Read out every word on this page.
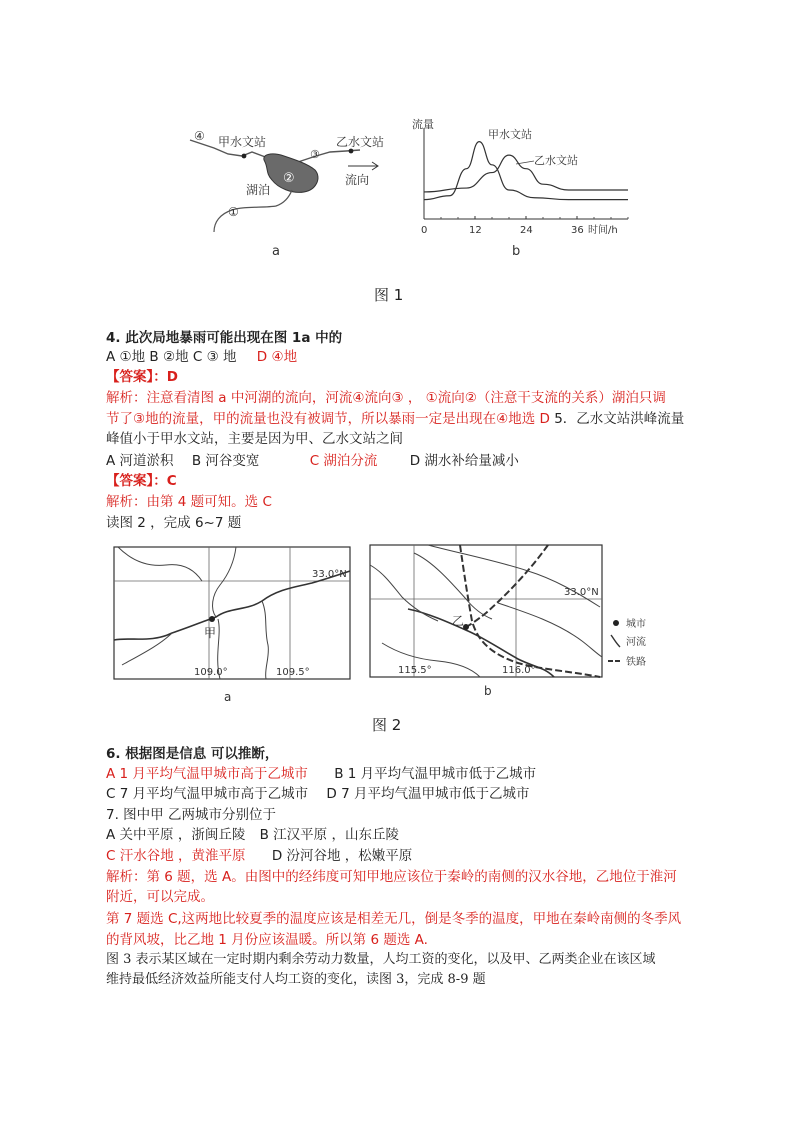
④ 甲水文站
③
乙水文站
②
湖泊
流向
①
a
流量
时间/h
甲水文站
乙水文站
0	12	24	36
b
图 1
4. 此次局地暴雨可能出现在图 1a 中的
A ①地 B ②地 C ③ 地 D ④地
【答案】：D
解析：注意看清图 a 中河湖的流向，河流④流向③ ， ①流向②（注意干支流的关系）湖泊只调
节了③地的流量，甲的流量也没有被调节，所以暴雨一定是出现在④地选 D 5．乙水文站洪峰流量
峰值小于甲水文站，主要是因为甲、乙水文站之间
A 河道淤积 B 河谷变宽	C 湖泊分流 D 湖水补给量减小
【答案】：C
解析：由第 4 题可知。选 C
读图 2 ，完成 6~7 题
甲
33.0°N
109.0°	109.5°
a
乙
33.0°N
115.5°	116.0°
城市
河流
铁路
b
图 2
6. 根据图是信息 可以推断，
A 1 月平均气温甲城市高于乙城市 B 1 月平均气温甲城市低于乙城市
C 7 月平均气温甲城市高于乙城市 D 7 月平均气温甲城市低于乙城市
7. 图中甲 乙两城市分别位于
A 关中平原 ，浙闽丘陵 B 江汉平原 ，山东丘陵
C 汗水谷地 ，黄淮平原 D 汾河谷地 ，松嫩平原
解析：第 6 题，选 A。由图中的经纬度可知甲地应该位于秦岭的南侧的汉水谷地，乙地位于淮河
附近，可以完成。
第 7 题选 C,这两地比较夏季的温度应该是相差无几，倒是冬季的温度，甲地在秦岭南侧的冬季风
的背风坡，比乙地 1 月份应该温暖。所以第 6 题选 A.
图 3 表示某区域在一定时期内剩余劳动力数量，人均工资的变化，以及甲、乙两类企业在该区域
维持最低经济效益所能支付人均工资的变化，读图 3，完成 8-9 题
